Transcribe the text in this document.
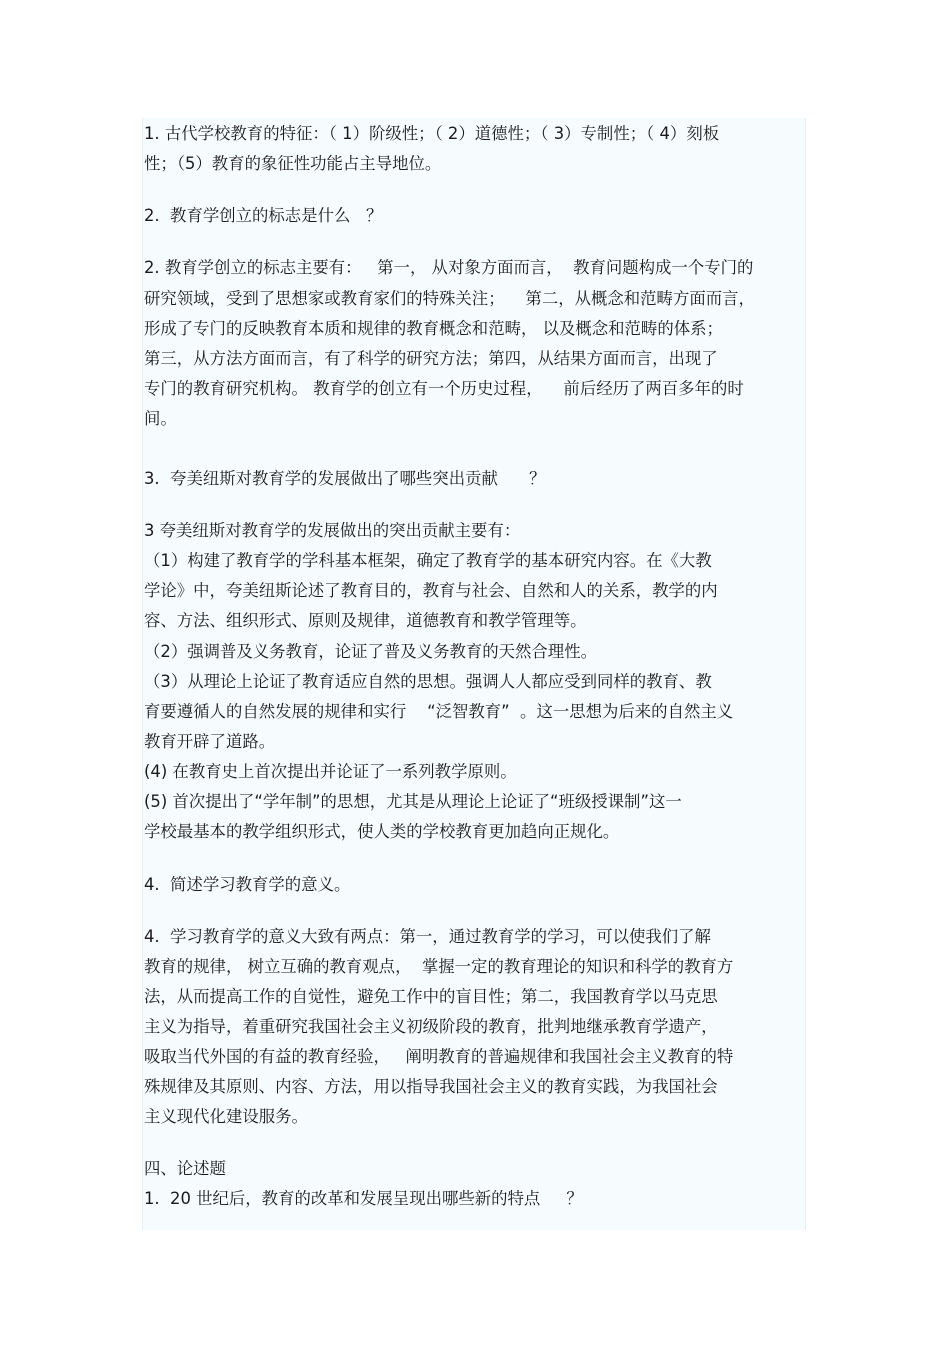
1. 古代学校教育的特征：（ 1）阶级性；（ 2）道德性；（ 3）专制性；（ 4）刻板
性；（5）教育的象征性功能占主导地位。
2.  教育学创立的标志是什么   ？
2. 教育学创立的标志主要有：   第一， 从对象方面而言，  教育问题构成一个专门的
研究领域，受到了思想家或教育家们的特殊关注；    第二，从概念和范畴方面而言，
形成了专门的反映教育本质和规律的教育概念和范畴， 以及概念和范畴的体系；
第三，从方法方面而言，有了科学的研究方法；第四，从结果方面而言，出现了
专门的教育研究机构。 教育学的创立有一个历史过程，    前后经历了两百多年的时
间。
3.  夸美纽斯对教育学的发展做出了哪些突出贡献      ？
3 夸美纽斯对教育学的发展做出的突出贡献主要有：
（1）构建了教育学的学科基本框架，确定了教育学的基本研究内容。在《大教
学论》中，夸美纽斯论述了教育目的，教育与社会、自然和人的关系，教学的内
容、方法、组织形式、原则及规律，道德教育和教学管理等。
（2）强调普及义务教育，论证了普及义务教育的天然合理性。
（3）从理论上论证了教育适应自然的思想。强调人人都应受到同样的教育、教
育要遵循人的自然发展的规律和实行    “泛智教育”  。这一思想为后来的自然主义
教育开辟了道路。
(4) 在教育史上首次提出并论证了一系列教学原则。
(5) 首次提出了“学年制”的思想，尤其是从理论上论证了“班级授课制”这一
学校最基本的教学组织形式，使人类的学校教育更加趋向正规化。
4.  简述学习教育学的意义。
4.  学习教育学的意义大致有两点：第一，通过教育学的学习，可以使我们了解
教育的规律， 树立互确的教育观点，  掌握一定的教育理论的知识和科学的教育方
法，从而提高工作的自觉性，避免工作中的盲目性；第二，我国教育学以马克思
主义为指导，着重研究我国社会主义初级阶段的教育，批判地继承教育学遗产，
吸取当代外国的有益的教育经验，   阐明教育的普遍规律和我国社会主义教育的特
殊规律及其原则、内容、方法，用以指导我国社会主义的教育实践，为我国社会
主义现代化建设服务。
四、论述题
1.  20 世纪后，教育的改革和发展呈现出哪些新的特点     ？
